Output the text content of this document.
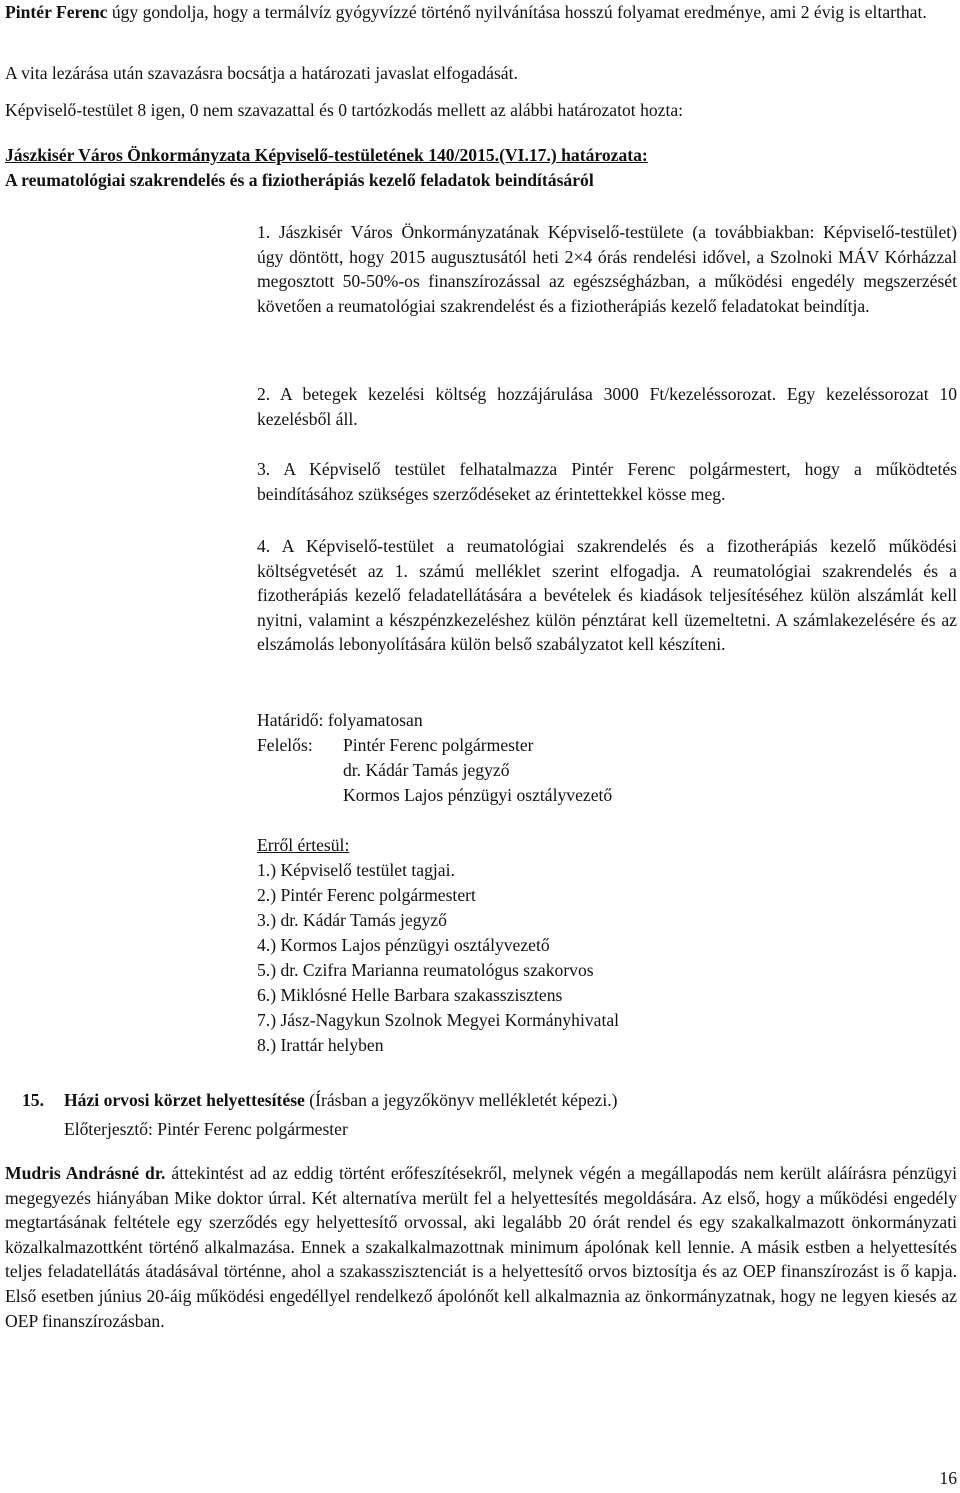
Pintér Ferenc úgy gondolja, hogy a termálvíz gyógyvízzé történő nyilvánítása hosszú folyamat eredménye, ami 2 évig is eltarthat.
A vita lezárása után szavazásra bocsátja a határozati javaslat elfogadását.
Képviselő-testület 8 igen, 0 nem szavazattal és 0 tartózkodás mellett az alábbi határozatot hozta:
Jászkisér Város Önkormányzata Képviselő-testületének 140/2015.(VI.17.) határozata:
A reumatológiai szakrendelés és a fiziotherápiás kezelő feladatok beindításáról
1. Jászkisér Város Önkormányzatának Képviselő-testülete (a továbbiakban: Képviselő-testület) úgy döntött, hogy 2015 augusztusától heti 2×4 órás rendelési idővel, a Szolnoki MÁV Kórházzal megosztott 50-50%-os finanszírozással az egészségházban, a működési engedély megszerzését követően a reumatológiai szakrendelést és a fiziotherápiás kezelő feladatokat beindítja.
2. A betegek kezelési költség hozzájárulása 3000 Ft/kezeléssorozat. Egy kezeléssorozat 10 kezelésből áll.
3. A Képviselő testület felhatalmazza Pintér Ferenc polgármestert, hogy a működtetés beindításához szükséges szerződéseket az érintettekkel kösse meg.
4. A Képviselő-testület a reumatológiai szakrendelés és a fizotherápiás kezelő működési költségvetését az 1. számú melléklet szerint elfogadja. A reumatológiai szakrendelés és a fizotherápiás kezelő feladatellátására a bevételek és kiadások teljesítéséhez külön alszámlát kell nyitni, valamint a készpénzkezeléshez külön pénztárat kell üzemeltetni. A számlakezelésére és az elszámolás lebonyolítására külön belső szabályzatot kell készíteni.
Határidő: folyamatosan
Felelős: Pintér Ferenc polgármester
dr. Kádár Tamás jegyző
Kormos Lajos pénzügyi osztályvezető
Erről értesül:
1.) Képviselő testület tagjai.
2.) Pintér Ferenc polgármestert
3.) dr. Kádár Tamás jegyző
4.) Kormos Lajos pénzügyi osztályvezető
5.) dr. Czifra Marianna reumatológus szakorvos
6.) Miklósné Helle Barbara szakasszisztens
7.) Jász-Nagykun Szolnok Megyei Kormányhivatal
8.) Irattár helyben
15. Házi orvosi körzet helyettesítése (Írásban a jegyzőkönyv mellékletét képezi.)
Előterjesztő: Pintér Ferenc polgármester
Mudris Andrásné dr. áttekintést ad az eddig történt erőfeszítésekről, melynek végén a megállapodás nem került aláírásra pénzügyi megegyezés hiányában Mike doktor úrral. Két alternatíva merült fel a helyettesítés megoldására. Az első, hogy a működési engedély megtartásának feltétele egy szerződés egy helyettesítő orvossal, aki legalább 20 órát rendel és egy szakalkalmazott önkormányzati közalkalmazottként történő alkalmazása. Ennek a szakalkalmazottnak minimum ápolónak kell lennie. A másik estben a helyettesítés teljes feladatellátás átadásával történne, ahol a szakasszisztenciát is a helyettesítő orvos biztosítja és az OEP finanszírozást is ő kapja. Első esetben június 20-áig működési engedéllyel rendelkező ápolónőt kell alkalmaznia az önkormányzatnak, hogy ne legyen kiesés az OEP finanszírozásban.
16
